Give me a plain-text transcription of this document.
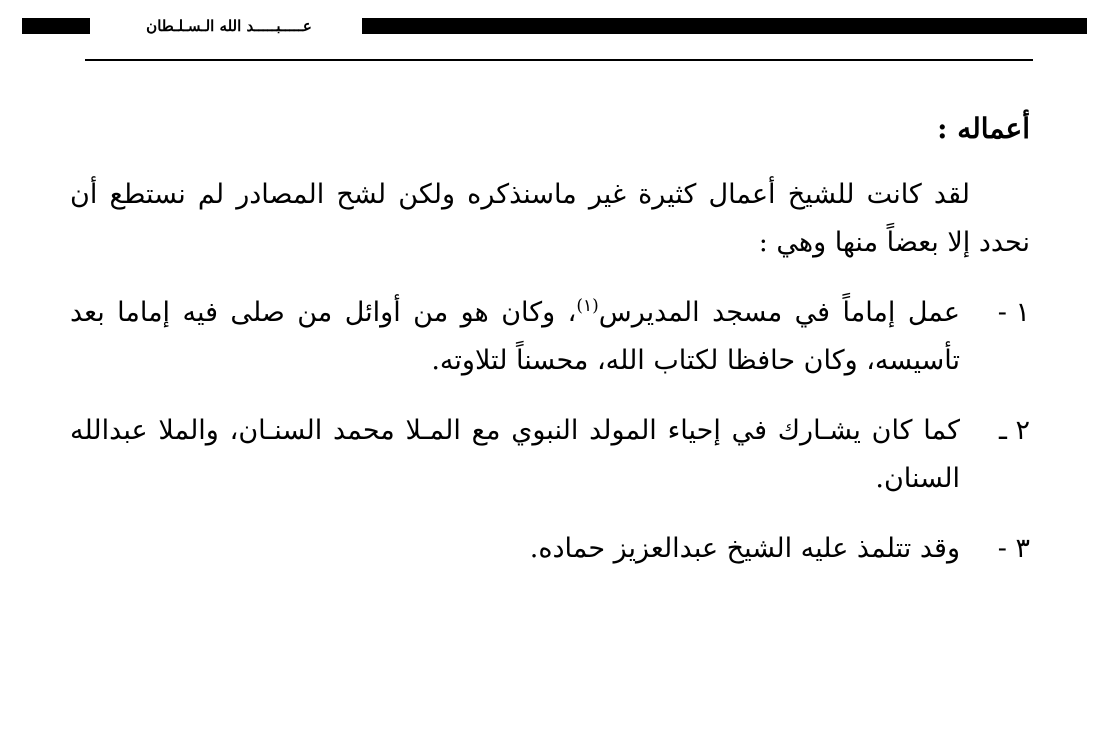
عـــــبـــــد الله الـسـلـطان
أعماله :

لقد كانت للشيخ أعمال كثيرة غير ماسنذكره ولكن لشح المصادر لم نستطع أن نحدد إلا بعضاً منها وهي :

١ -
عمل إماماً في مسجد المديرس$^{(١)}$، وكان هو من أوائل من صلى فيه إماما بعد تأسيسه، وكان حافظا لكتاب الله، محسناً لتلاوته.
٢ ـ
كما كان يشـارك في إحياء المولد النبوي مع المـلا محمد السنـان، والملا عبدالله السنان.
٣ -
وقد تتلمذ عليه الشيخ عبدالعزيز حماده.
